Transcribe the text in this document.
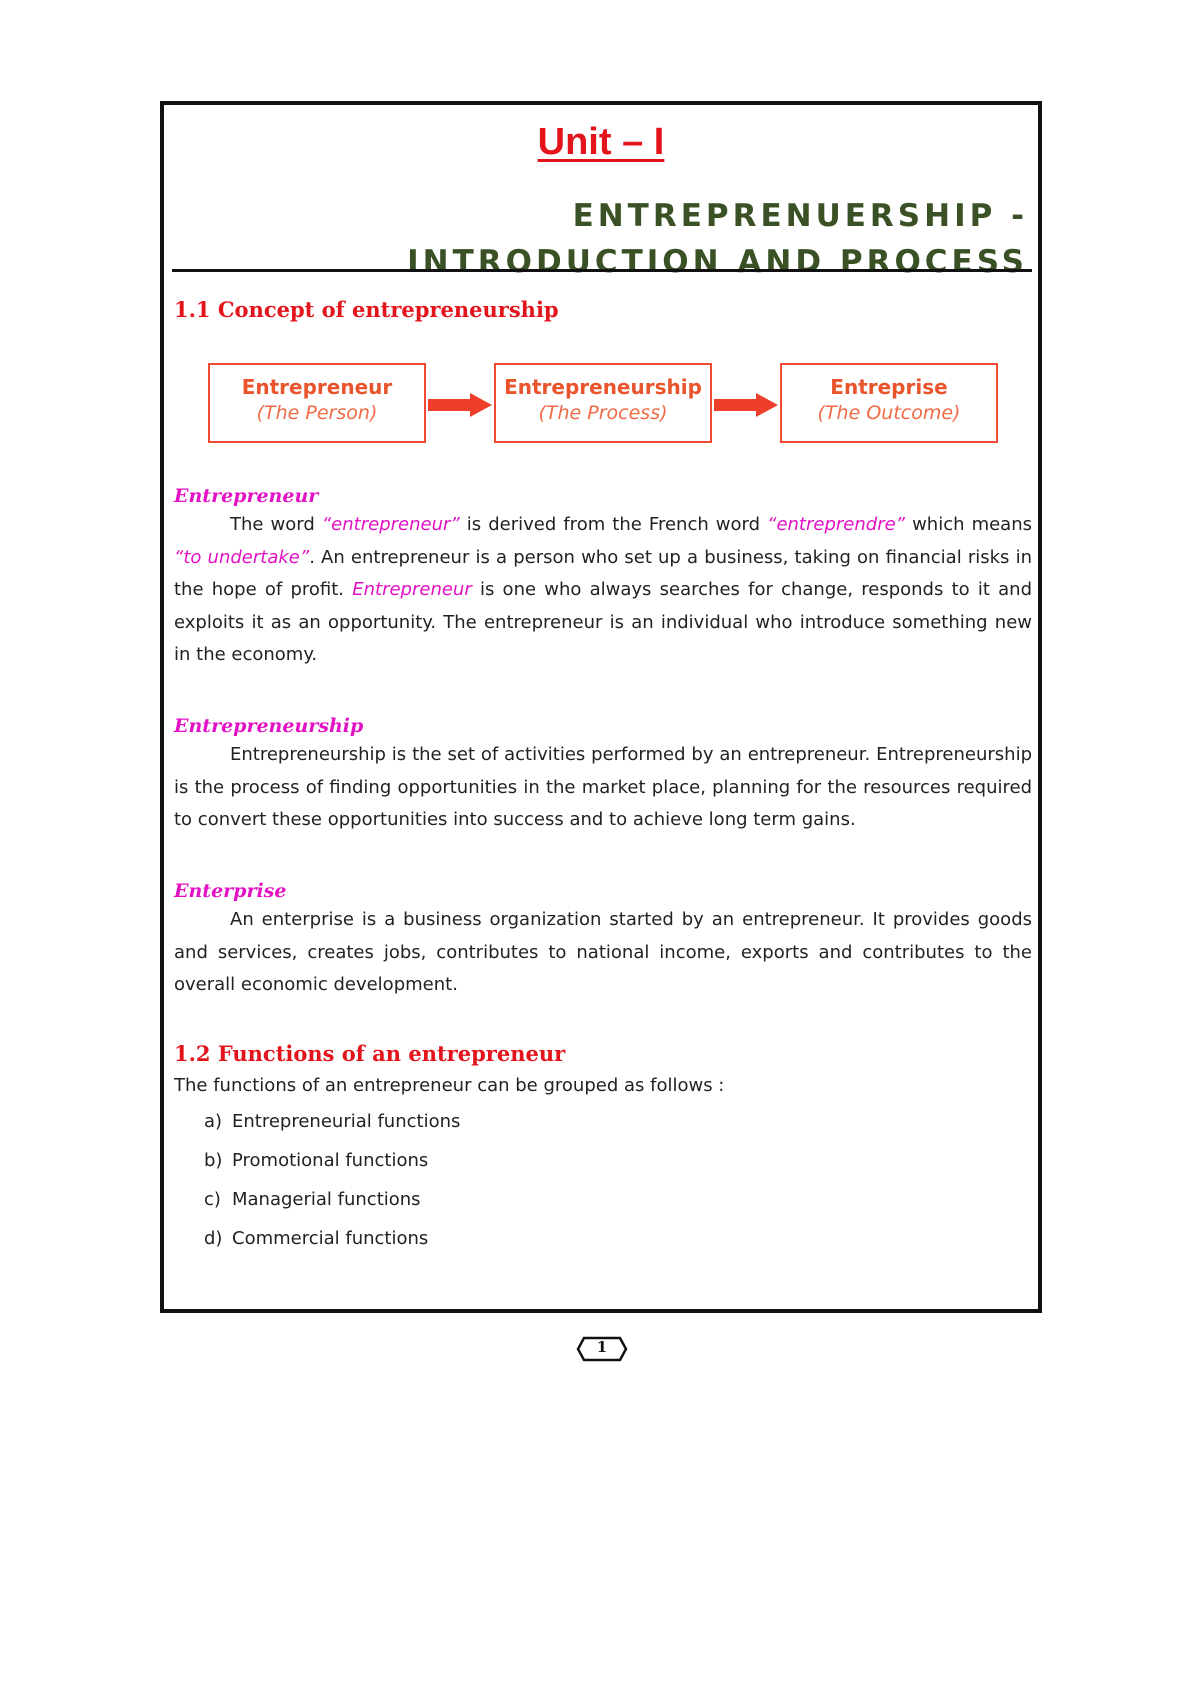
Unit – I
ENTREPRENUERSHIP -
INTRODUCTION AND PROCESS
1.1 Concept of entrepreneurship
Entrepreneur
(The Person)
Entrepreneurship
(The Process)
Entreprise
(The Outcome)
Entrepreneur

The word “entrepreneur” is derived from the French word “entreprendre” which means “to undertake”. An entrepreneur is a person who set up a business, taking on financial risks in the hope of profit. Entrepreneur is one who always searches for change, responds to it and exploits it as an opportunity. The entrepreneur is an individual who introduce something new in the economy.

Entrepreneurship

Entrepreneurship is the set of activities performed by an entrepreneur. Entrepreneurship is the process of finding opportunities in the market place, planning for the resources required to convert these opportunities into success and to achieve long term gains.

Enterprise

An enterprise is a business organization started by an entrepreneur. It provides goods and services, creates jobs, contributes to national income, exports and contributes to the overall economic development.

1.2 Functions of an entrepreneur
The functions of an entrepreneur can be grouped as follows :
a) Entrepreneurial functions
b) Promotional functions
c) Managerial functions
d) Commercial functions
1
